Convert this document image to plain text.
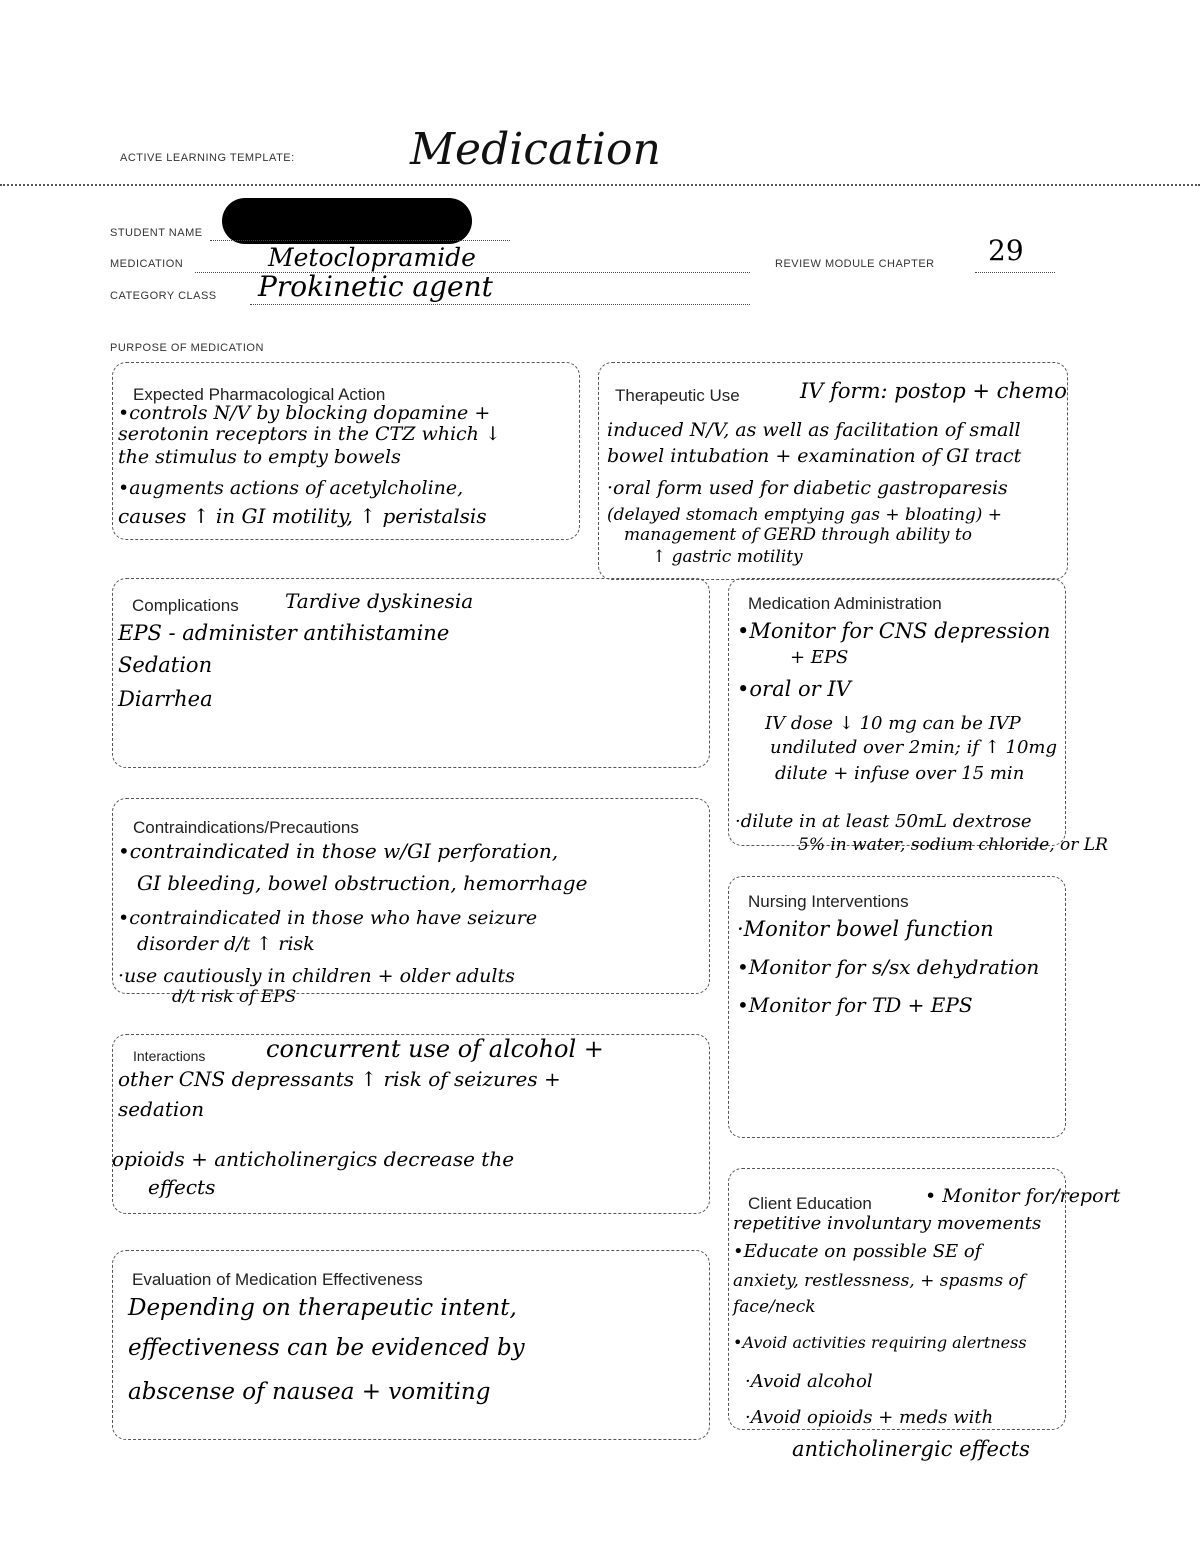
ACTIVE LEARNING TEMPLATE:	Medication
STUDENT NAME
MEDICATION	Metoclopramide	REVIEW MODULE CHAPTER 29
CATEGORY CLASS Prokinetic agent
PURPOSE OF MEDICATION
Expected Pharmacological Action
•controls N/V by blocking dopamine +
serotonin receptors in the CTZ which ↓
the stimulus to empty bowels
•augments actions of acetylcholine,
causes ↑ in GI motility, ↑ peristalsis
Therapeutic Use	IV form: postop + chemo
induced N/V, as well as facilitation of small
bowel intubation + examination of GI tract
·oral form used for diabetic gastroparesis
(delayed stomach emptying gas + bloating) +
management of GERD through ability to
↑ gastric motility
Complications Tardive dyskinesia
EPS - administer antihistamine
Sedation
Diarrhea
Medication Administration
•Monitor for CNS depression
+ EPS
•oral or IV
IV dose ↓ 10 mg can be IVP
undiluted over 2min; if ↑ 10mg
dilute + infuse over 15 min
·dilute in at least 50mL dextrose
5% in water, sodium chloride, or LR
Contraindications/Precautions
•contraindicated in those w/GI perforation,
GI bleeding, bowel obstruction, hemorrhage
•contraindicated in those who have seizure
disorder d/t ↑ risk
·use cautiously in children + older adults
d/t risk of EPS
Nursing Interventions
·Monitor bowel function
•Monitor for s/sx dehydration
•Monitor for TD + EPS
Interactions	concurrent use of alcohol +
other CNS depressants ↑ risk of seizures +
sedation
opioids + anticholinergics decrease the
effects
Client Education	• Monitor for/report
repetitive involuntary movements
•Educate on possible SE of
anxiety, restlessness, + spasms of
face/neck
•Avoid activities requiring alertness
·Avoid alcohol
·Avoid opioids + meds with
anticholinergic effects
Evaluation of Medication Effectiveness
Depending on therapeutic intent,
effectiveness can be evidenced by
abscense of nausea + vomiting
